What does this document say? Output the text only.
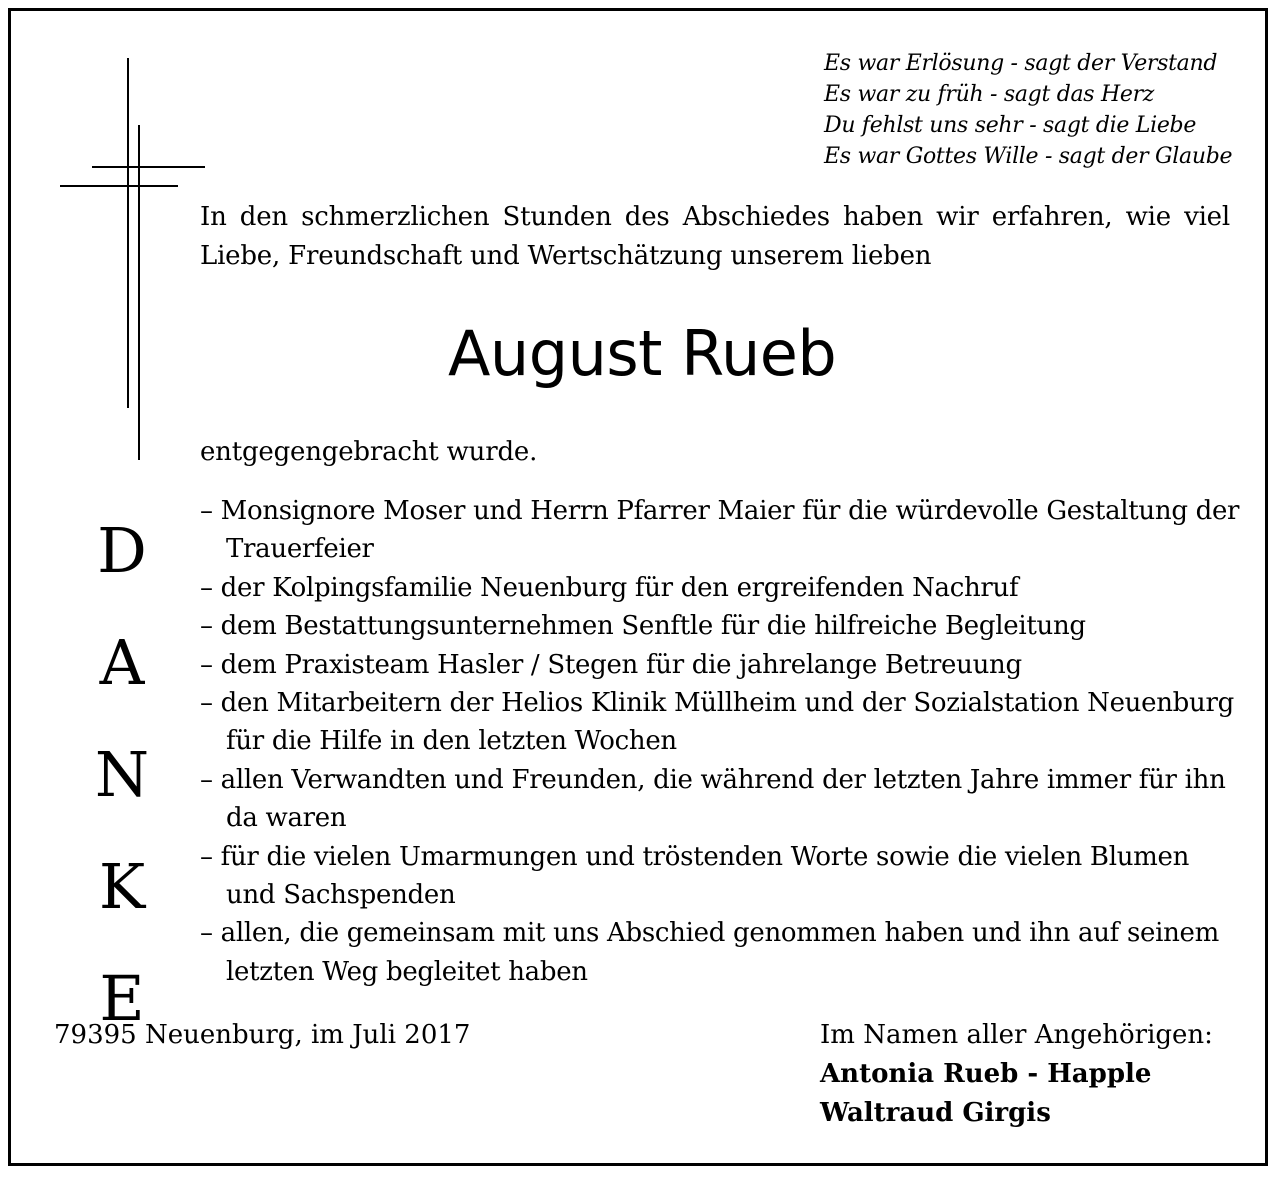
Es war Erlösung - sagt der Verstand
Es war zu früh - sagt das Herz
Du fehlst uns sehr - sagt die Liebe
Es war Gottes Wille - sagt der Glaube
In den schmerzlichen Stunden des Abschiedes haben wir erfahren, wie viel Liebe, Freundschaft und Wertschätzung unserem lieben
August Rueb
entgegengebracht wurde.
D
A
N
K
E
– Monsignore Moser und Herrn Pfarrer Maier für die würdevolle Gestaltung der Trauerfeier
– der Kolpingsfamilie Neuenburg für den ergreifenden Nachruf
– dem Bestattungsunternehmen Senftle für die hilfreiche Begleitung
– dem Praxisteam Hasler / Stegen für die jahrelange Betreuung
– den Mitarbeitern der Helios Klinik Müllheim und der Sozialstation Neuenburg für die Hilfe in den letzten Wochen
– allen Verwandten und Freunden, die während der letzten Jahre immer für ihn da waren
– für die vielen Umarmungen und tröstenden Worte sowie die vielen Blumen und Sachspenden
– allen, die gemeinsam mit uns Abschied genommen haben und ihn auf seinem letzten Weg begleitet haben
79395 Neuenburg, im Juli 2017	Im Namen aller Angehörigen:
Antonia Rueb - Happle
Waltraud Girgis
